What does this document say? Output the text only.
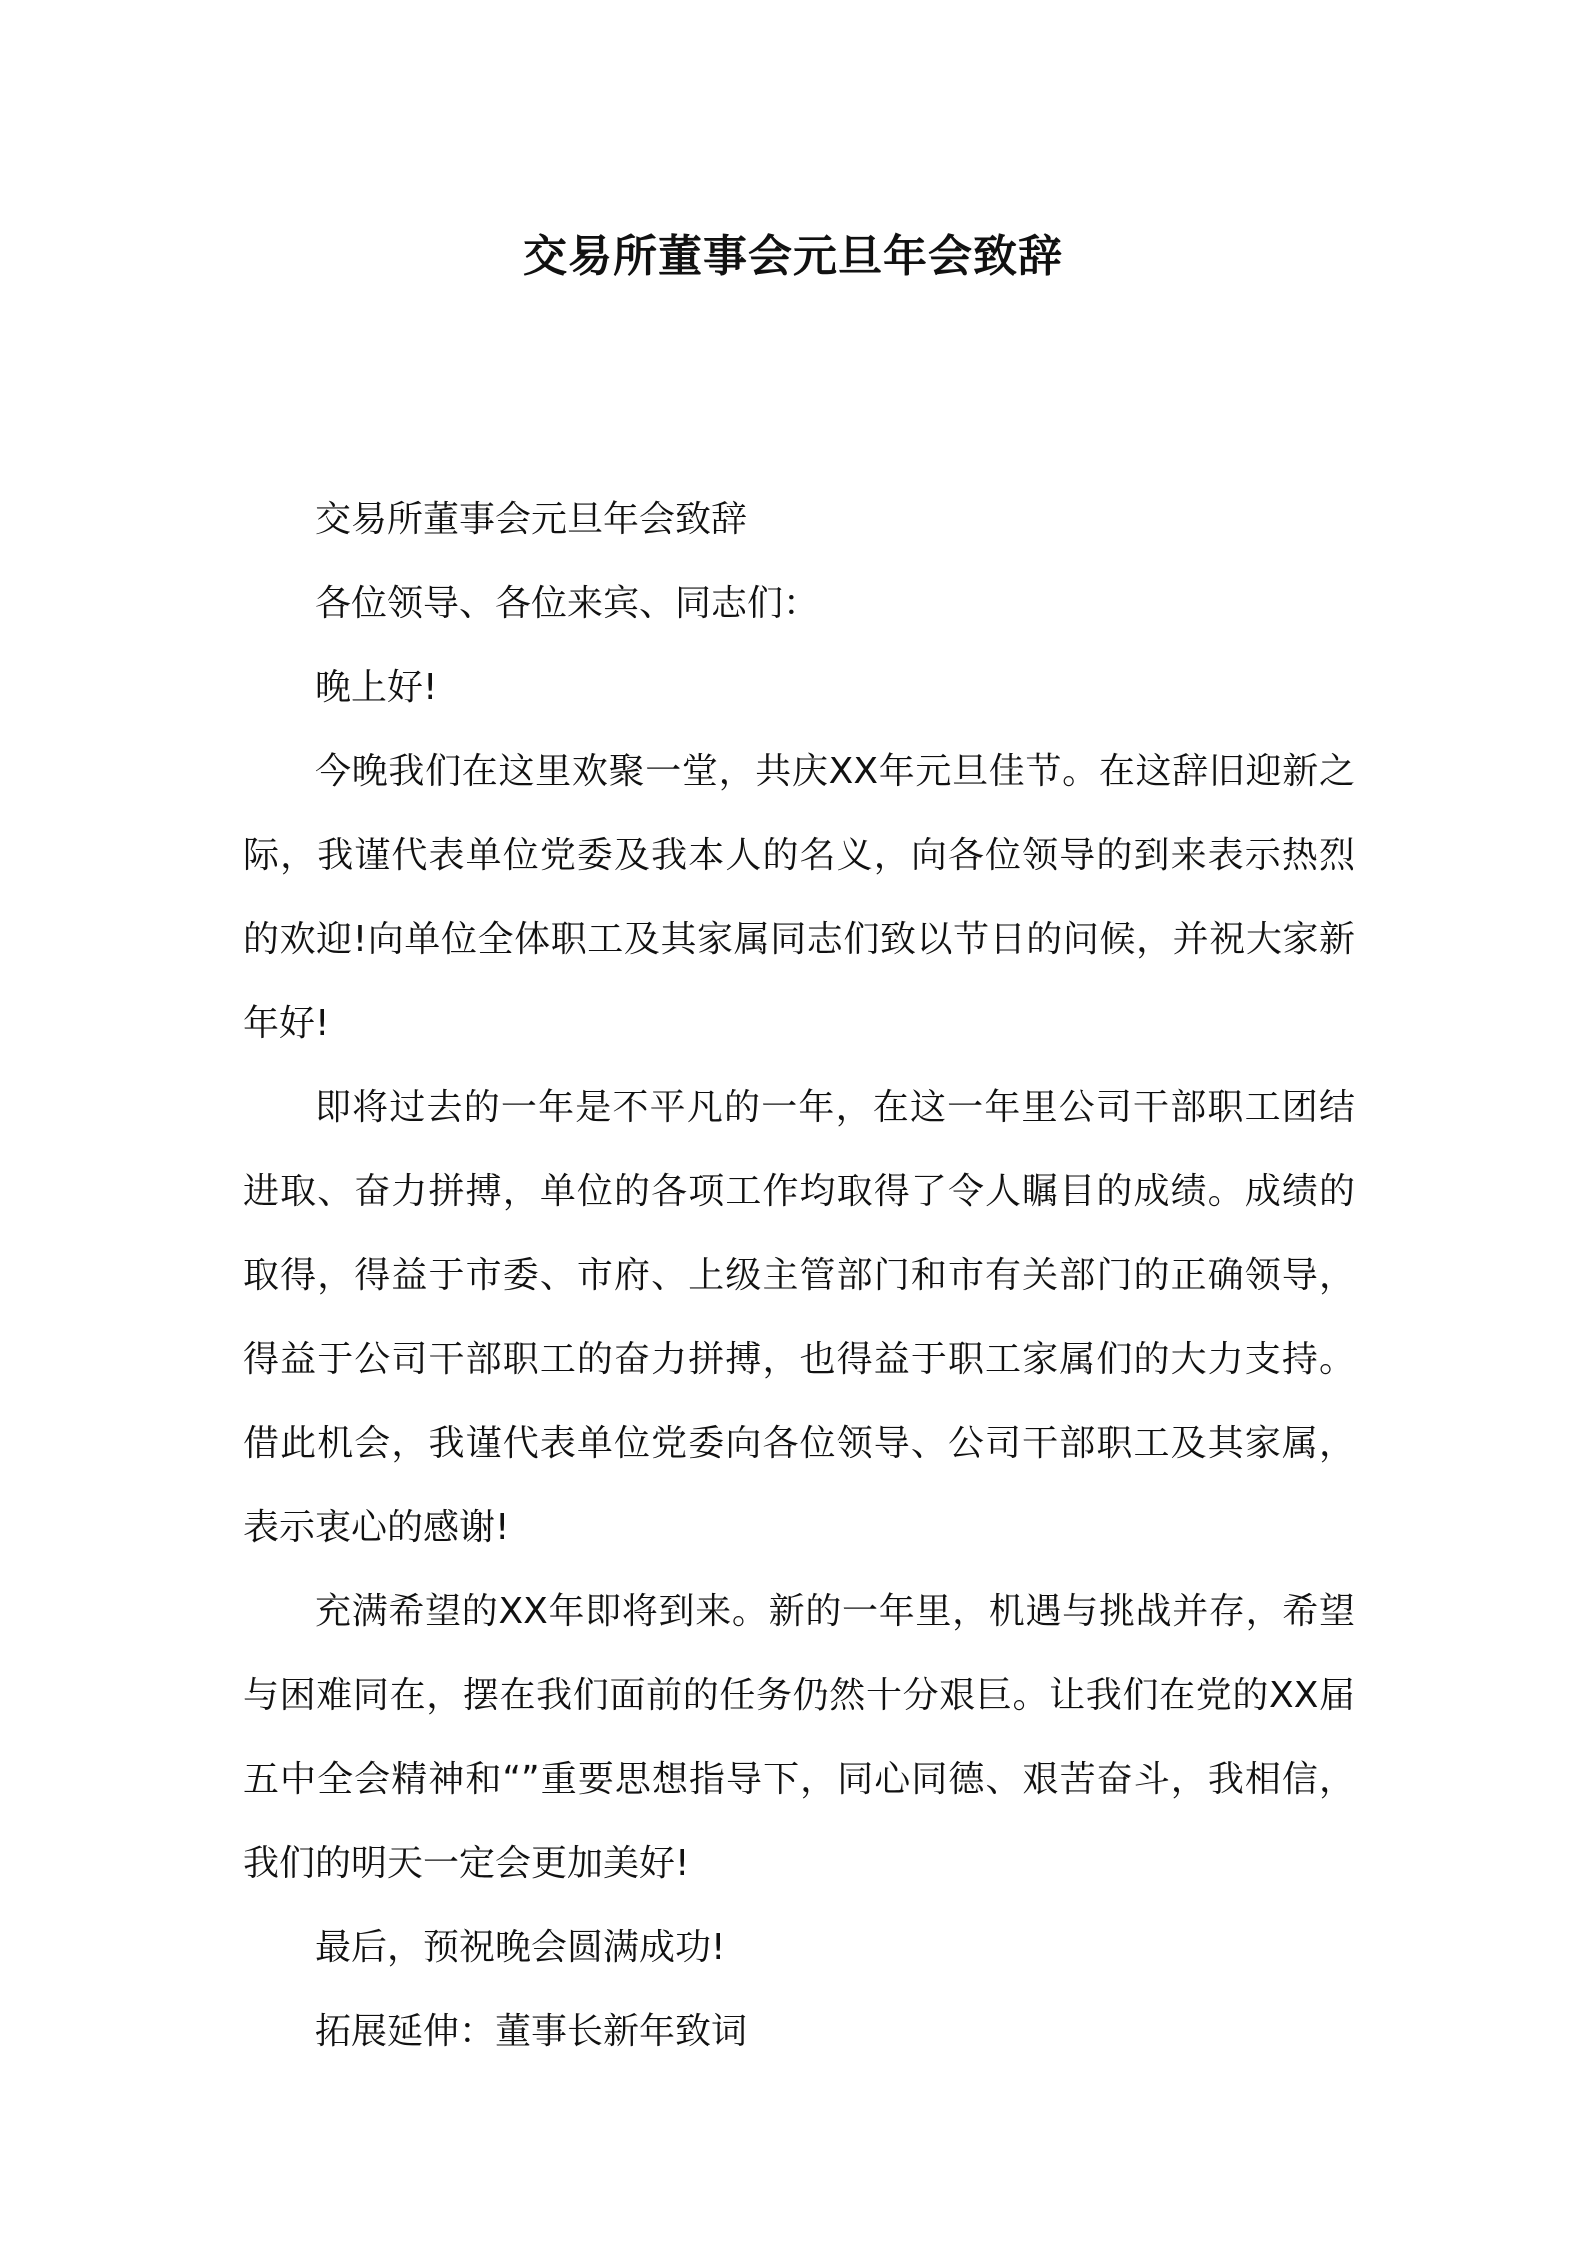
交易所董事会元旦年会致辞

交易所董事会元旦年会致辞

各位领导、各位来宾、同志们：

晚上好!

今晚我们在这里欢聚一堂，共庆XX年元旦佳节。在这辞旧迎新之际，我谨代表单位党委及我本人的名义，向各位领导的到来表示热烈的欢迎!向单位全体职工及其家属同志们致以节日的问候，并祝大家新年好!

即将过去的一年是不平凡的一年，在这一年里公司干部职工团结进取、奋力拼搏，单位的各项工作均取得了令人瞩目的成绩。成绩的取得，得益于市委、市府、上级主管部门和市有关部门的正确领导，得益于公司干部职工的奋力拼搏，也得益于职工家属们的大力支持。借此机会，我谨代表单位党委向各位领导、公司干部职工及其家属，表示衷心的感谢!

充满希望的XX年即将到来。新的一年里，机遇与挑战并存，希望与困难同在，摆在我们面前的任务仍然十分艰巨。让我们在党的XX届五中全会精神和“”重要思想指导下，同心同德、艰苦奋斗，我相信，我们的明天一定会更加美好!

最后，预祝晚会圆满成功!

拓展延伸：董事长新年致词
